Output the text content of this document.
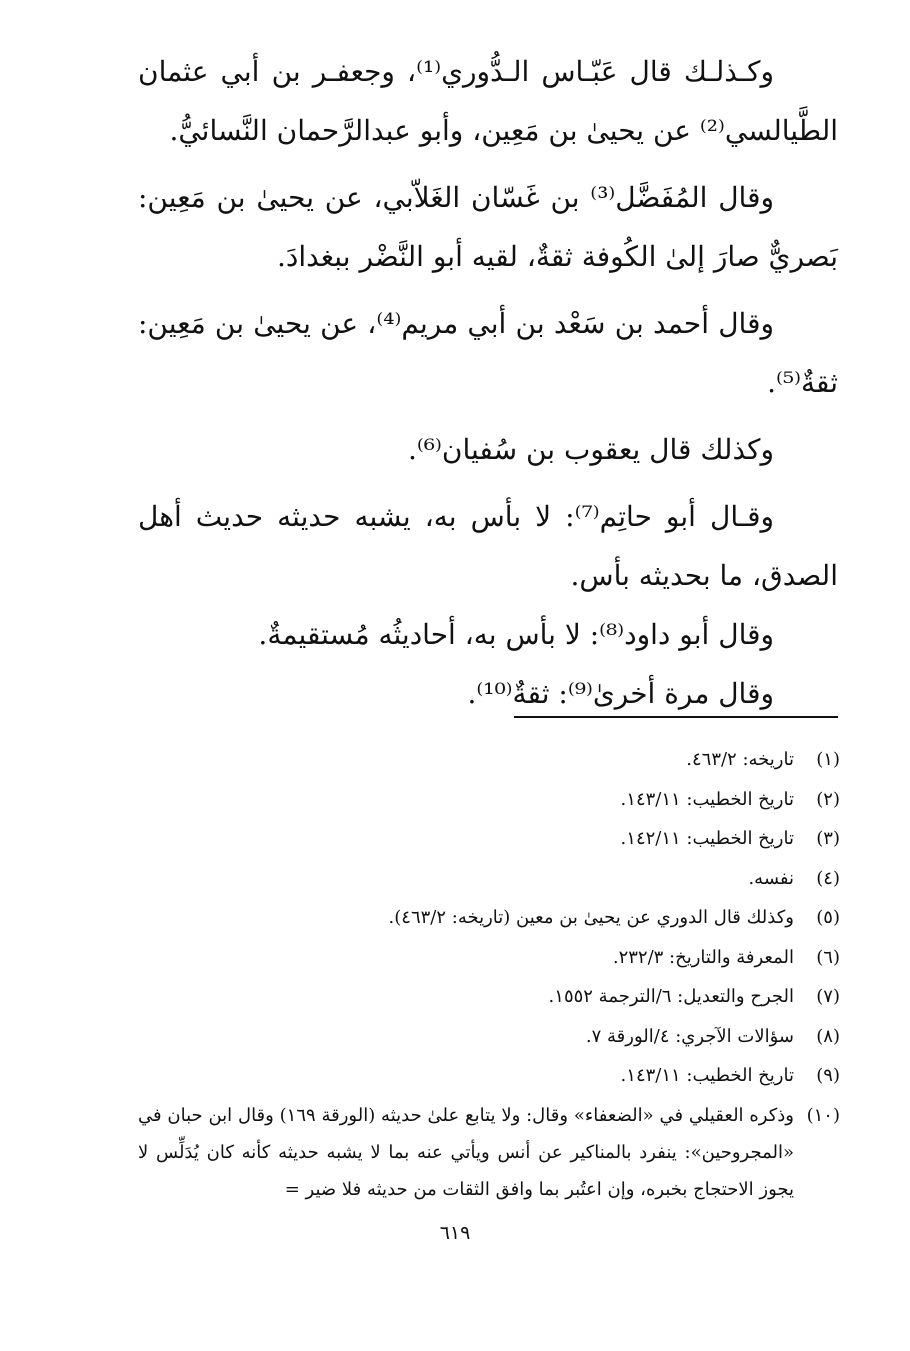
وكـذلـك قال عَبّـاس الـدُّوري⁽¹⁾، وجعفـر بن أبي عثمان الطَّيالسي⁽²⁾ عن يحيىٰ بن مَعِين، وأبو عبدالرَّحمان النَّسائيُّ.

وقال المُفَضَّل⁽³⁾ بن غَسّان الغَلاّبي، عن يحيىٰ بن مَعِين: بَصريٌّ صارَ إلىٰ الكُوفة ثقةٌ، لقيه أبو النَّضْر ببغدادَ.

وقال أحمد بن سَعْد بن أبي مريم⁽⁴⁾، عن يحيىٰ بن مَعِين: ثقةٌ⁽⁵⁾.

وكذلك قال يعقوب بن سُفيان⁽⁶⁾.

وقـال أبو حاتِم⁽⁷⁾: لا بأس به، يشبه حديثه حديث أهل الصدق، ما بحديثه بأس.

وقال أبو داود⁽⁸⁾: لا بأس به، أحاديثُه مُستقيمةٌ.

وقال مرة أخرىٰ⁽⁹⁾: ثقةٌ⁽¹⁰⁾.

(١)
تاريخه: ٤٦٣/٢.
(٢)
تاريخ الخطيب: ١٤٣/١١.
(٣)
تاريخ الخطيب: ١٤٢/١١.
(٤)
نفسه.
(٥)
وكذلك قال الدوري عن يحيىٰ بن معين (تاريخه: ٤٦٣/٢).
(٦)
المعرفة والتاريخ: ٢٣٢/٣.
(٧)
الجرح والتعديل: ٦/الترجمة ١٥٥٢.
(٨)
سؤالات الآجري: ٤/الورقة ٧.
(٩)
تاريخ الخطيب: ١٤٣/١١.
(١٠)
وذكره العقيلي في «الضعفاء» وقال: ولا يتابع علىٰ حديثه (الورقة ١٦٩) وقال ابن حبان في «المجروحين»: ينفرد بالمناكير عن أنس ويأتي عنه بما لا يشبه حديثه كأنه كان يُدَلِّس لا يجوز الاحتجاج بخبره، وإن اعتُبر بما وافق الثقات من حديثه فلا ضير =
٦١٩
